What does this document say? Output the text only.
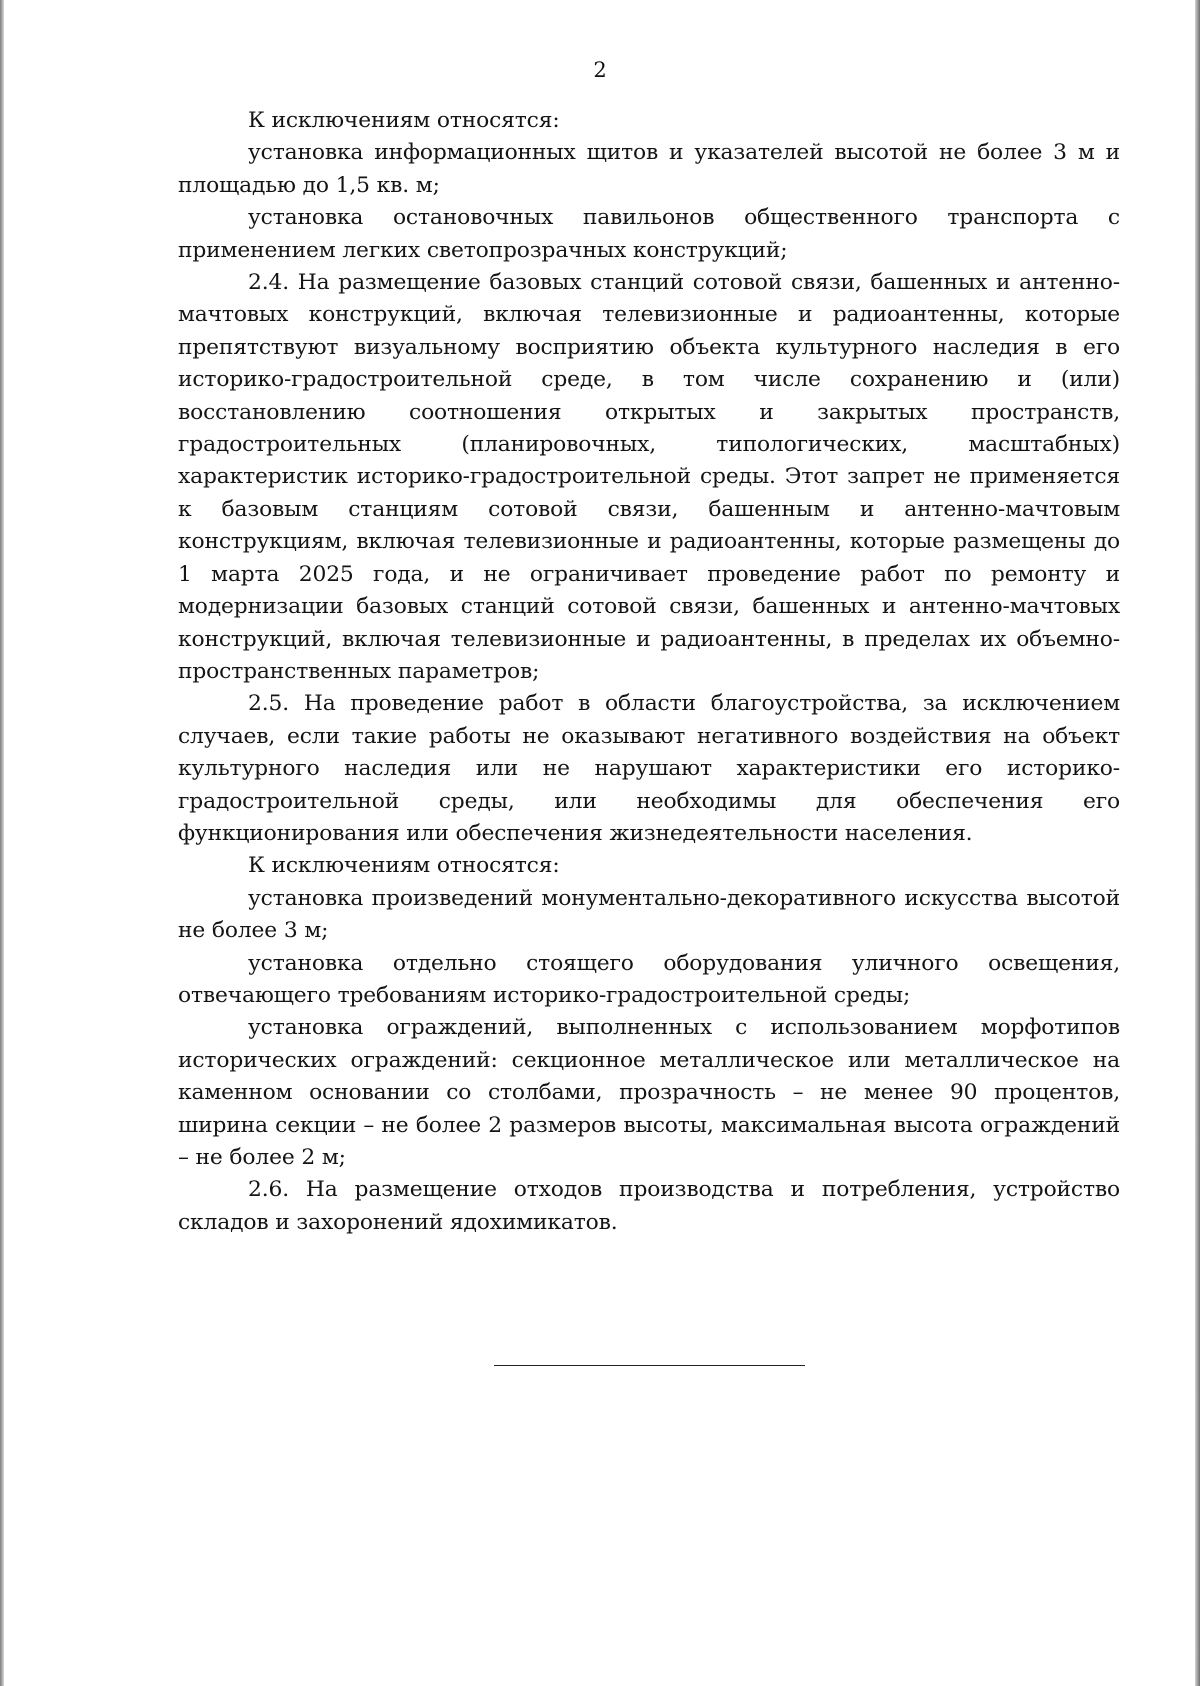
2

К исключениям относятся:

установка информационных щитов и указателей высотой не более 3 м и площадью до 1,5 кв. м;

установка остановочных павильонов общественного транспорта с применением легких светопрозрачных конструкций;

2.4. На размещение базовых станций сотовой связи, башенных и антенно-мачтовых конструкций, включая телевизионные и радиоантенны, которые препятствуют визуальному восприятию объекта культурного наследия в его историко-градостроительной среде, в том числе сохранению и (или) восстановлению соотношения открытых и закрытых пространств, градостроительных (планировочных, типологических, масштабных) характеристик историко-градостроительной среды. Этот запрет не применяется к базовым станциям сотовой связи, башенным и антенно-мачтовым конструкциям, включая телевизионные и радиоантенны, которые размещены до 1 марта 2025 года, и не ограничивает проведение работ по ремонту и модернизации базовых станций сотовой связи, башенных и антенно-мачтовых конструкций, включая телевизионные и радиоантенны, в пределах их объемно-пространственных параметров;

2.5. На проведение работ в области благоустройства, за исключением случаев, если такие работы не оказывают негативного воздействия на объект культурного наследия или не нарушают характеристики его историко-градостроительной среды, или необходимы для обеспечения его функционирования или обеспечения жизнедеятельности населения.

К исключениям относятся:

установка произведений монументально-декоративного искусства высотой не более 3 м;

установка отдельно стоящего оборудования уличного освещения, отвечающего требованиям историко-градостроительной среды;

установка ограждений, выполненных с использованием морфотипов исторических ограждений: секционное металлическое или металлическое на каменном основании со столбами, прозрачность – не менее 90 процентов, ширина секции – не более 2 размеров высоты, максимальная высота ограждений – не более 2 м;

2.6. На размещение отходов производства и потребления, устройство складов и захоронений ядохимикатов.
